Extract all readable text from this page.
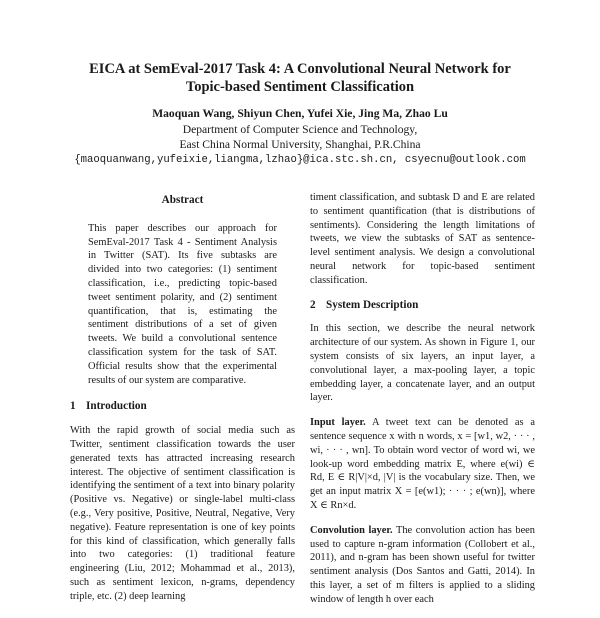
EICA at SemEval-2017 Task 4: A Convolutional Neural Network for
Topic-based Sentiment Classification
Maoquan Wang, Shiyun Chen, Yufei Xie, Jing Ma, Zhao Lu
Department of Computer Science and Technology,
East China Normal University, Shanghai, P.R.China
{maoquanwang,yufeixie,liangma,lzhao}@ica.stc.sh.cn, csyecnu@outlook.com
Abstract
This paper describes our approach for SemEval-2017 Task 4 - Sentiment Analysis in Twitter (SAT). Its five subtasks are divided into two categories: (1) sentiment classification, i.e., predicting topic-based tweet sentiment polarity, and (2) sentiment quantification, that is, estimating the sentiment distributions of a set of given tweets. We build a convolutional sentence classification system for the task of SAT. Official results show that the experimental results of our system are comparative.
1 Introduction

With the rapid growth of social media such as Twitter, sentiment classification towards the user generated texts has attracted increasing research interest. The objective of sentiment classification is identifying the sentiment of a text into binary polarity (Positive vs. Negative) or single-label multi-class (e.g., Very positive, Positive, Neutral, Negative, Very negative). Feature representation is one of key points for this kind of classification, which generally falls into two categories: (1) traditional feature engineering (Liu, 2012; Mohammad et al., 2013), such as sentiment lexicon, n-grams, dependency triple, etc. (2) deep learning

timent classification, and subtask D and E are related to sentiment quantification (that is distributions of sentiments). Considering the length limitations of tweets, we view the subtasks of SAT as sentence-level sentiment analysis. We design a convolutional neural network for topic-based sentiment classification.

2 System Description

In this section, we describe the neural network architecture of our system. As shown in Figure 1, our system consists of six layers, an input layer, a convolutional layer, a max-pooling layer, a topic embedding layer, a concatenate layer, and an output layer.

Input layer. A tweet text can be denoted as a sentence sequence x with n words, x = [w1, w2, · · · , wi, · · · , wn]. To obtain word vector of word wi, we look-up word embedding matrix E, where e(wi) ∈ Rd, E ∈ R|V|×d, |V| is the vocabulary size. Then, we get an input matrix X = [e(w1); · · · ; e(wn)], where X ∈ Rn×d.

Convolution layer. The convolution action has been used to capture n-gram information (Collobert et al., 2011), and n-gram has been shown useful for twitter sentiment analysis (Dos Santos and Gatti, 2014). In this layer, a set of m filters is applied to a sliding window of length h over each
